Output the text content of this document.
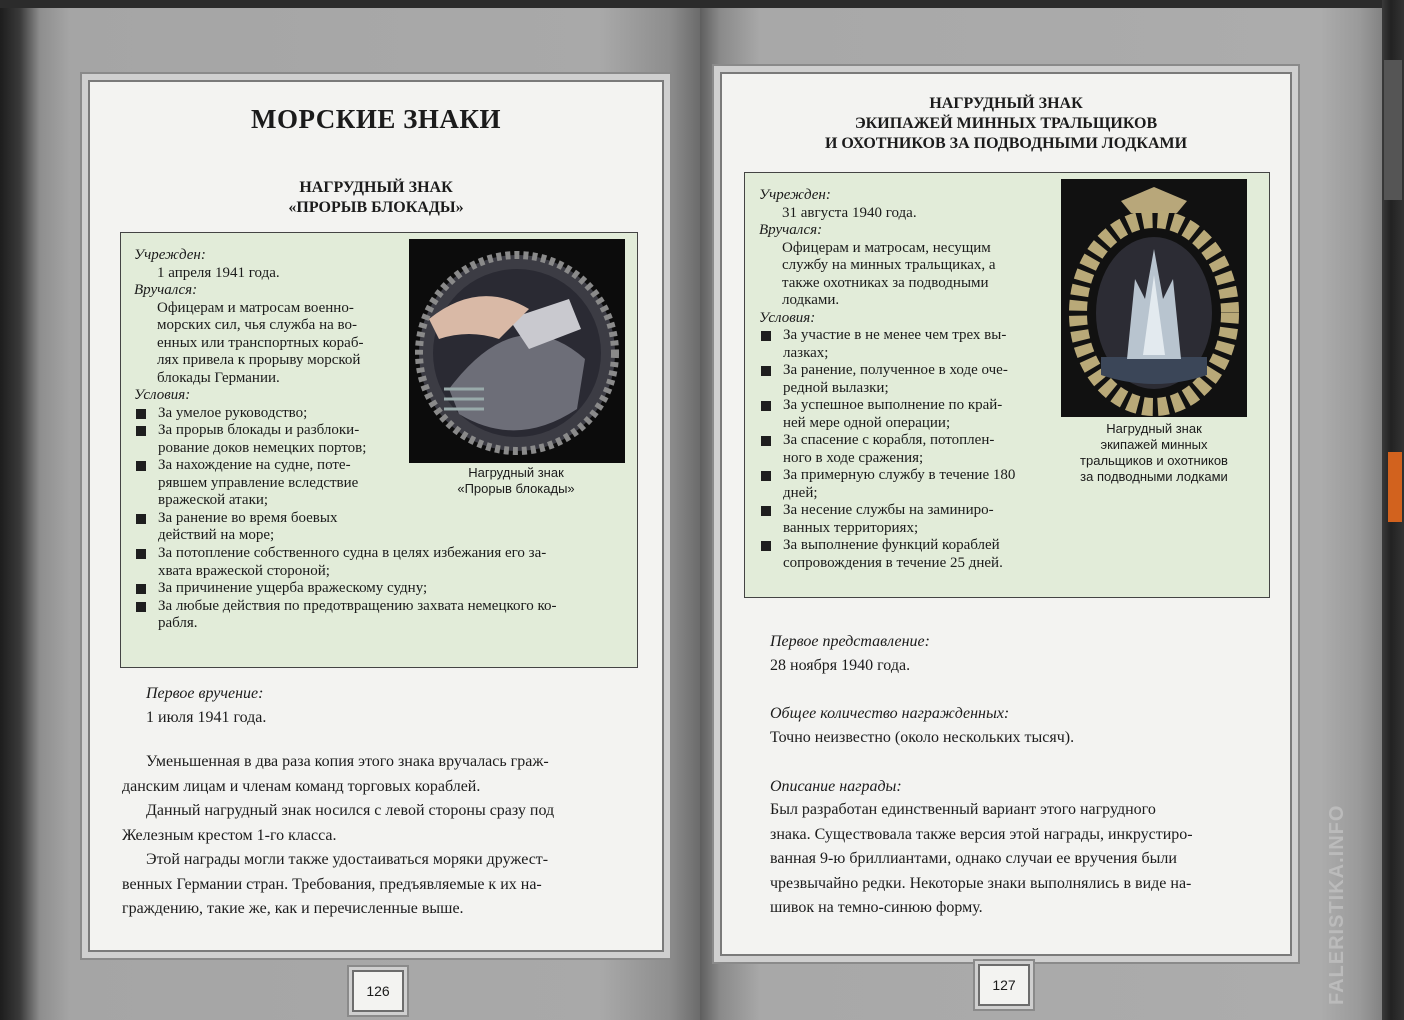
МОРСКИЕ ЗНАКИ
НАГРУДНЫЙ ЗНАК
«ПРОРЫВ БЛОКАДЫ»
Учрежден:
1 апреля 1941 года.
Вручался:
Офицерам и матросам военно-
морских сил, чья служба на во-
енных или транспортных кораб-
лях привела к прорыву морской
блокады Германии.
Условия:
За умелое руководство;
За прорыв блокады и разблоки-
рование доков немецких портов;
За нахождение на судне, поте-
рявшем управление вследствие
вражеской атаки;
За ранение во время боевых
действий на море;
За потопление собственного судна в целях избежания его за-
хвата вражеской стороной;
За причинение ущерба вражескому судну;
За любые действия по предотвращению захвата немецкого ко-
рабля.
Нагрудный знак
«Прорыв блокады»
Первое вручение:
1 июля 1941 года.

Уменьшенная в два раза копия этого знака вручалась граж-
данским лицам и членам команд торговых кораблей.

Данный нагрудный знак носился с левой стороны сразу под
Железным крестом 1-го класса.

Этой награды могли также удостаиваться моряки дружест-
венных Германии стран. Требования, предъявляемые к их на-
граждению, такие же, как и перечисленные выше.

126
НАГРУДНЫЙ ЗНАК
ЭКИПАЖЕЙ МИННЫХ ТРАЛЬЩИКОВ
И ОХОТНИКОВ ЗА ПОДВОДНЫМИ ЛОДКАМИ
Учрежден:
31 августа 1940 года.
Вручался:
Офицерам и матросам, несущим
службу на минных тральщиках, а
также охотниках за подводными
лодками.
Условия:
За участие в не менее чем трех вы-
лазках;
За ранение, полученное в ходе оче-
редной вылазки;
За успешное выполнение по край-
ней мере одной операции;
За спасение с корабля, потоплен-
ного в ходе сражения;
За примерную службу в течение 180
дней;
За несение службы на заминиро-
ванных территориях;
За выполнение функций кораблей
сопровождения в течение 25 дней.
Нагрудный знак
экипажей минных
тральщиков и охотников
за подводными лодками
Первое представление:
28 ноября 1940 года.
Общее количество награжденных:
Точно неизвестно (около нескольких тысяч).
Описание награды:
Был разработан единственный вариант этого нагрудного
знака. Существовала также версия этой награды, инкрустиро-
ванная 9-ю бриллиантами, однако случаи ее вручения были
чрезвычайно редки. Некоторые знаки выполнялись в виде на-
шивок на темно-синюю форму.
127	FALERISTIKA.INFO
